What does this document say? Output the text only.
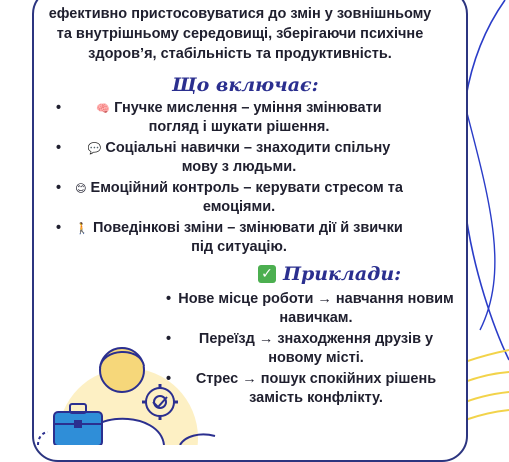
ефективно пристосовуватися до змін у зовнішньому та внутрішньому середовищі, зберігаючи психічне здоров’я, стабільність та продуктивність.
Що включає:
•	🧠 Гнучке мислення – уміння змінювати погляд і шукати рішення.
• 💬 Соціальні навички – знаходити спільну мову з людьми.
• 😊 Емоційний контроль – керувати стресом та емоціями.
• 🚶 Поведінкові зміни – змінювати дії й звички під ситуацію.
✓ Приклади:
• Нове місце роботи → навчання новим навичкам.
• Переїзд → знаходження друзів у новому місті.
• Стрес → пошук спокійних рішень замість конфлікту.
